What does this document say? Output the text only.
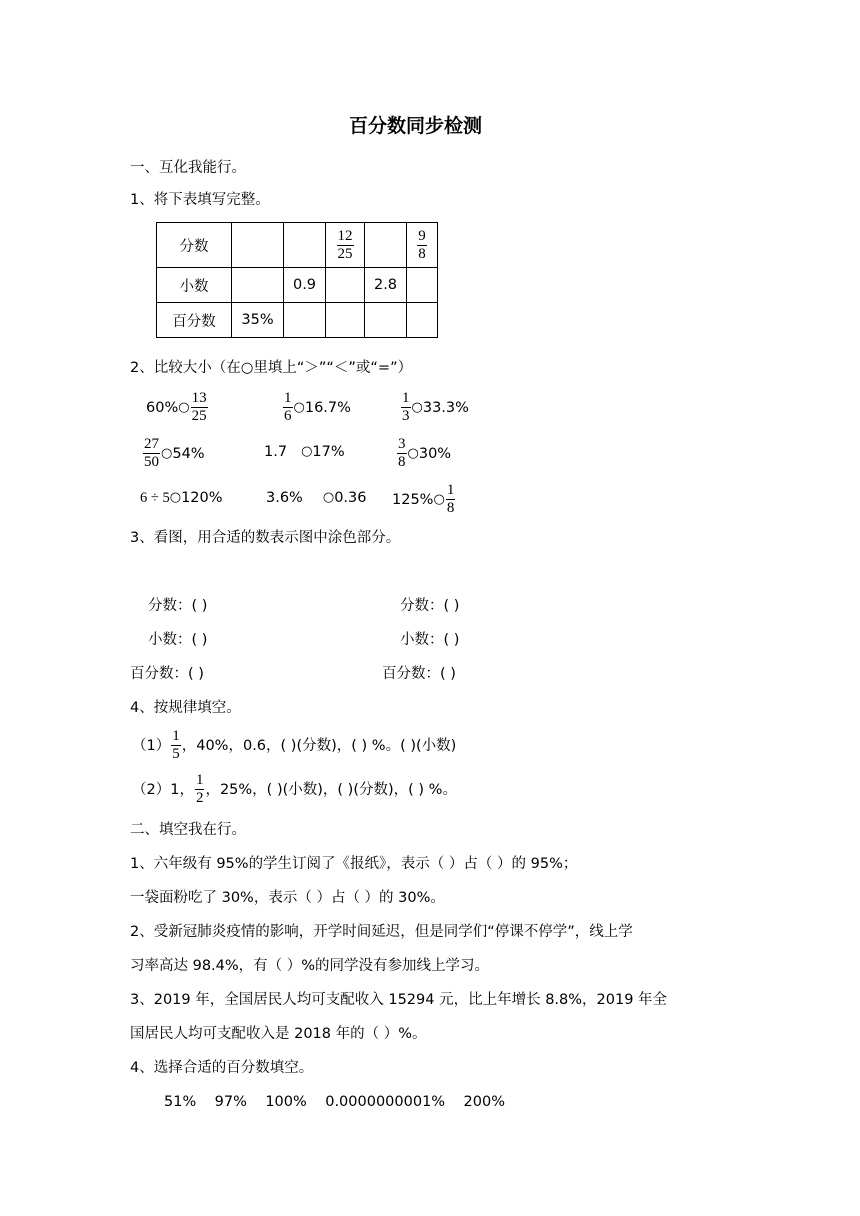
百分数同步检测
一、互化我能行。
1、将下表填写完整。
分数			$\frac{12}{25}$		$\frac{9}{8}$

小数		0.9		2.8	
百分数	35%				
2、比较大小（在○里填上“＞”“＜”或“=”）
60% ○ $\frac{13}{25}$	$\frac{1}{6}$ ○ 16.7%	$\frac{1}{3}$ ○ 33.3%
$\frac{27}{50}$ ○ 54%	1.7 ○ 17%	$\frac{3}{8}$ ○ 30%
6 ÷ 5 ○ 120%	3.6% ○ 0.36 125% ○ $\frac{1}{8}$
3、看图，用合适的数表示图中涂色部分。
分数：( )	分数：( )
小数：( )	小数：( )
百分数：( )	百分数：( )
4、按规律填空。
$(1) \frac{1}{5}$ ，40%，0.6，( )(分数)，( ) %。( )(小数)
（2）1， $\frac{1}{2}$ ，25%，( )(小数)，( )(分数)，( ) %。
二、填空我在行。
1、六年级有 95%的学生订阅了《报纸》，表示（ ）占（ ）的 95%；
一袋面粉吃了 30%，表示（ ）占（ ）的 30%。
2、受新冠肺炎疫情的影响，开学时间延迟，但是同学们“停课不停学”，线上学
习率高达 98.4%，有（ ）%的同学没有参加线上学习。
3、2019 年，全国居民人均可支配收入 15294 元，比上年增长 8.8%，2019 年全
国居民人均可支配收入是 2018 年的（ ）%。
4、选择合适的百分数填空。
51%    97%    100%    0.0000000001%    200%
